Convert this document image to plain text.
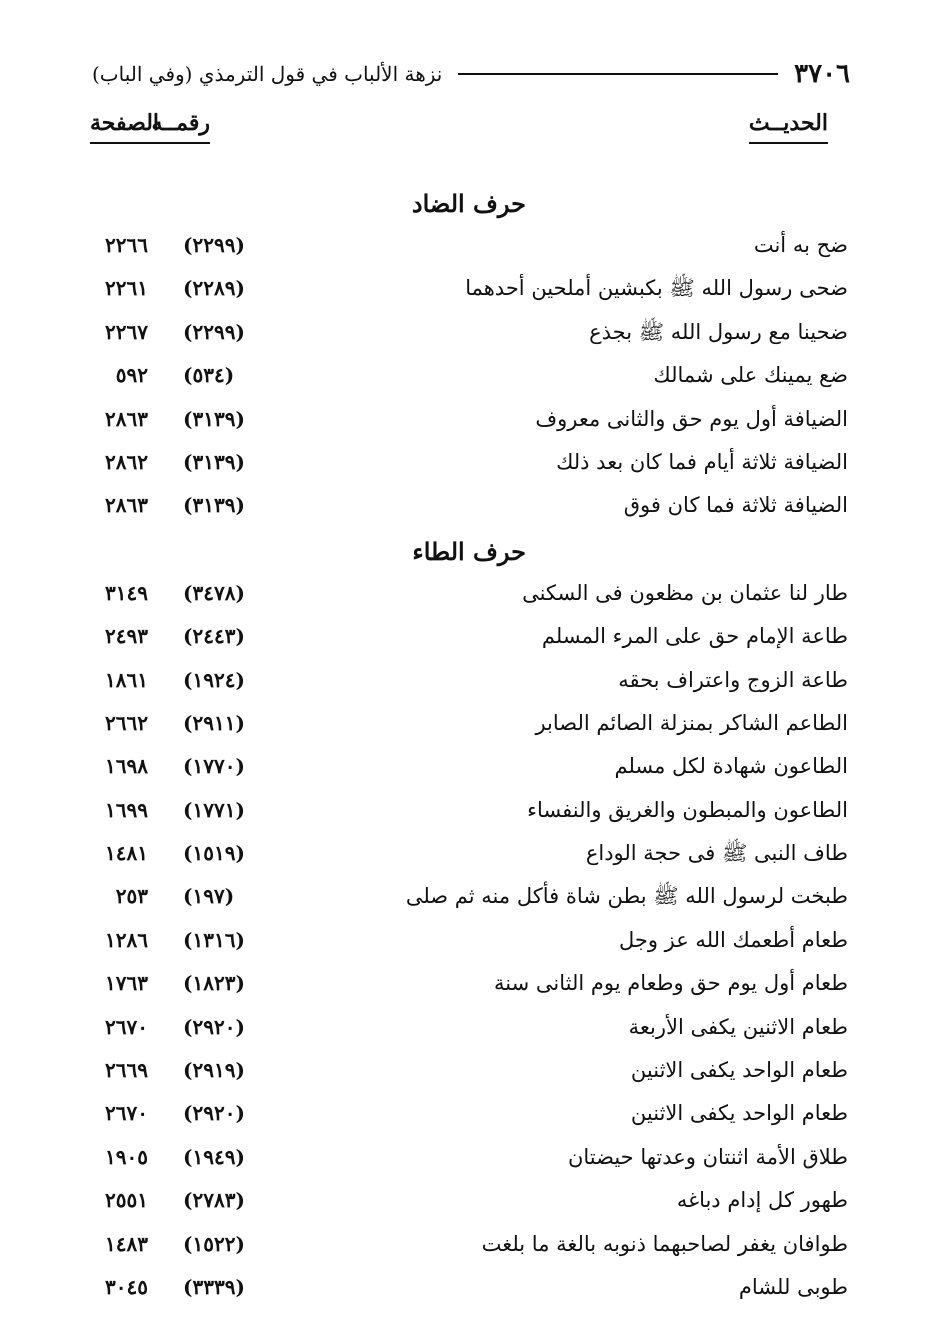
٣٧٠٦
نزهة الألباب في قول الترمذي (وفي الباب)
الحديــث
رقمــه
الصفحة
حرف الضاد
ضح به أنت
(٢٢٩٩)
٢٢٦٦
ضحى رسول الله ﷺ بكبشين أملحين أحدهما
(٢٢٨٩)
٢٢٦١
ضحينا مع رسول الله ﷺ بجذع
(٢٢٩٩)
٢٢٦٧
ضع يمينك على شمالك
(٥٣٤)
٥٩٢
الضيافة أول يوم حق والثانى معروف
(٣١٣٩)
٢٨٦٣
الضيافة ثلاثة أيام فما كان بعد ذلك
(٣١٣٩)
٢٨٦٢
الضيافة ثلاثة فما كان فوق
(٣١٣٩)
٢٨٦٣
حرف الطاء
طار لنا عثمان بن مظعون فى السكنى
(٣٤٧٨)
٣١٤٩
طاعة الإمام حق على المرء المسلم
(٢٤٤٣)
٢٤٩٣
طاعة الزوج واعتراف بحقه
(١٩٢٤)
١٨٦١
الطاعم الشاكر بمنزلة الصائم الصابر
(٢٩١١)
٢٦٦٢
الطاعون شهادة لكل مسلم
(١٧٧٠)
١٦٩٨
الطاعون والمبطون والغريق والنفساء
(١٧٧١)
١٦٩٩
طاف النبى ﷺ فى حجة الوداع
(١٥١٩)
١٤٨١
طبخت لرسول الله ﷺ بطن شاة فأكل منه ثم صلى
(١٩٧)
٢٥٣
طعام أطعمك الله عز وجل
(١٣١٦)
١٢٨٦
طعام أول يوم حق وطعام يوم الثانى سنة
(١٨٢٣)
١٧٦٣
طعام الاثنين يكفى الأربعة
(٢٩٢٠)
٢٦٧٠
طعام الواحد يكفى الاثنين
(٢٩١٩)
٢٦٦٩
طعام الواحد يكفى الاثنين
(٢٩٢٠)
٢٦٧٠
طلاق الأمة اثنتان وعدتها حيضتان
(١٩٤٩)
١٩٠٥
طهور كل إدام دباغه
(٢٧٨٣)
٢٥٥١
طوافان يغفر لصاحبهما ذنوبه بالغة ما بلغت
(١٥٢٢)
١٤٨٣
طوبى للشام
(٣٣٣٩)
٣٠٤٥
